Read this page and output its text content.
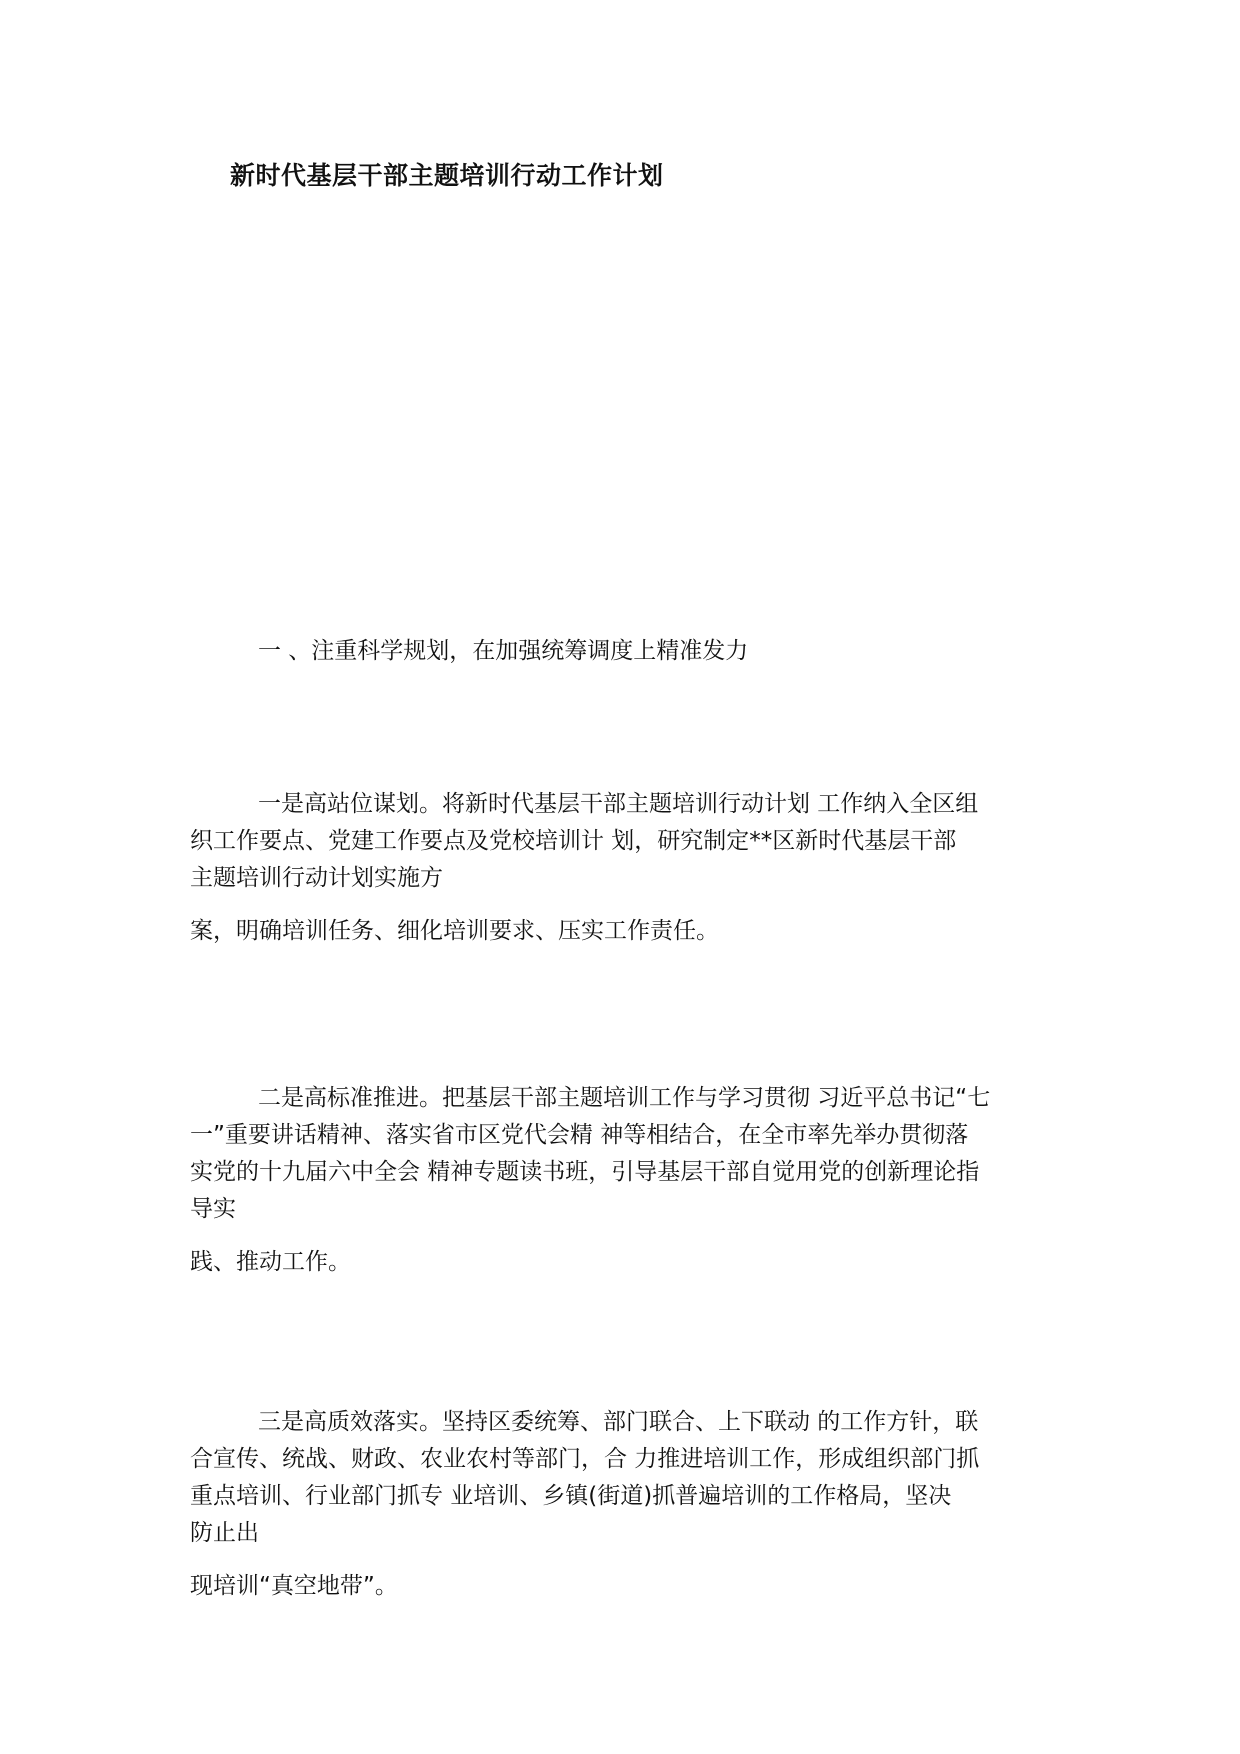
新时代基层干部主题培训行动工作计划
一 、注重科学规划，在加强统筹调度上精准发力
一是高站位谋划。将新时代基层干部主题培训行动计划 工作纳入全区组
织工作要点、党建工作要点及党校培训计 划，研究制定**区新时代基层干部
主题培训行动计划实施方
案，明确培训任务、细化培训要求、压实工作责任。
二是高标准推进。把基层干部主题培训工作与学习贯彻 习近平总书记“七
一”重要讲话精神、落实省市区党代会精 神等相结合，在全市率先举办贯彻落
实党的十九届六中全会 精神专题读书班，引导基层干部自觉用党的创新理论指
导实
践、推动工作。
三是高质效落实。坚持区委统筹、部门联合、上下联动 的工作方针，联
合宣传、统战、财政、农业农村等部门，合 力推进培训工作，形成组织部门抓
重点培训、行业部门抓专 业培训、乡镇(街道)抓普遍培训的工作格局，坚决
防止出
现培训“真空地带”。
